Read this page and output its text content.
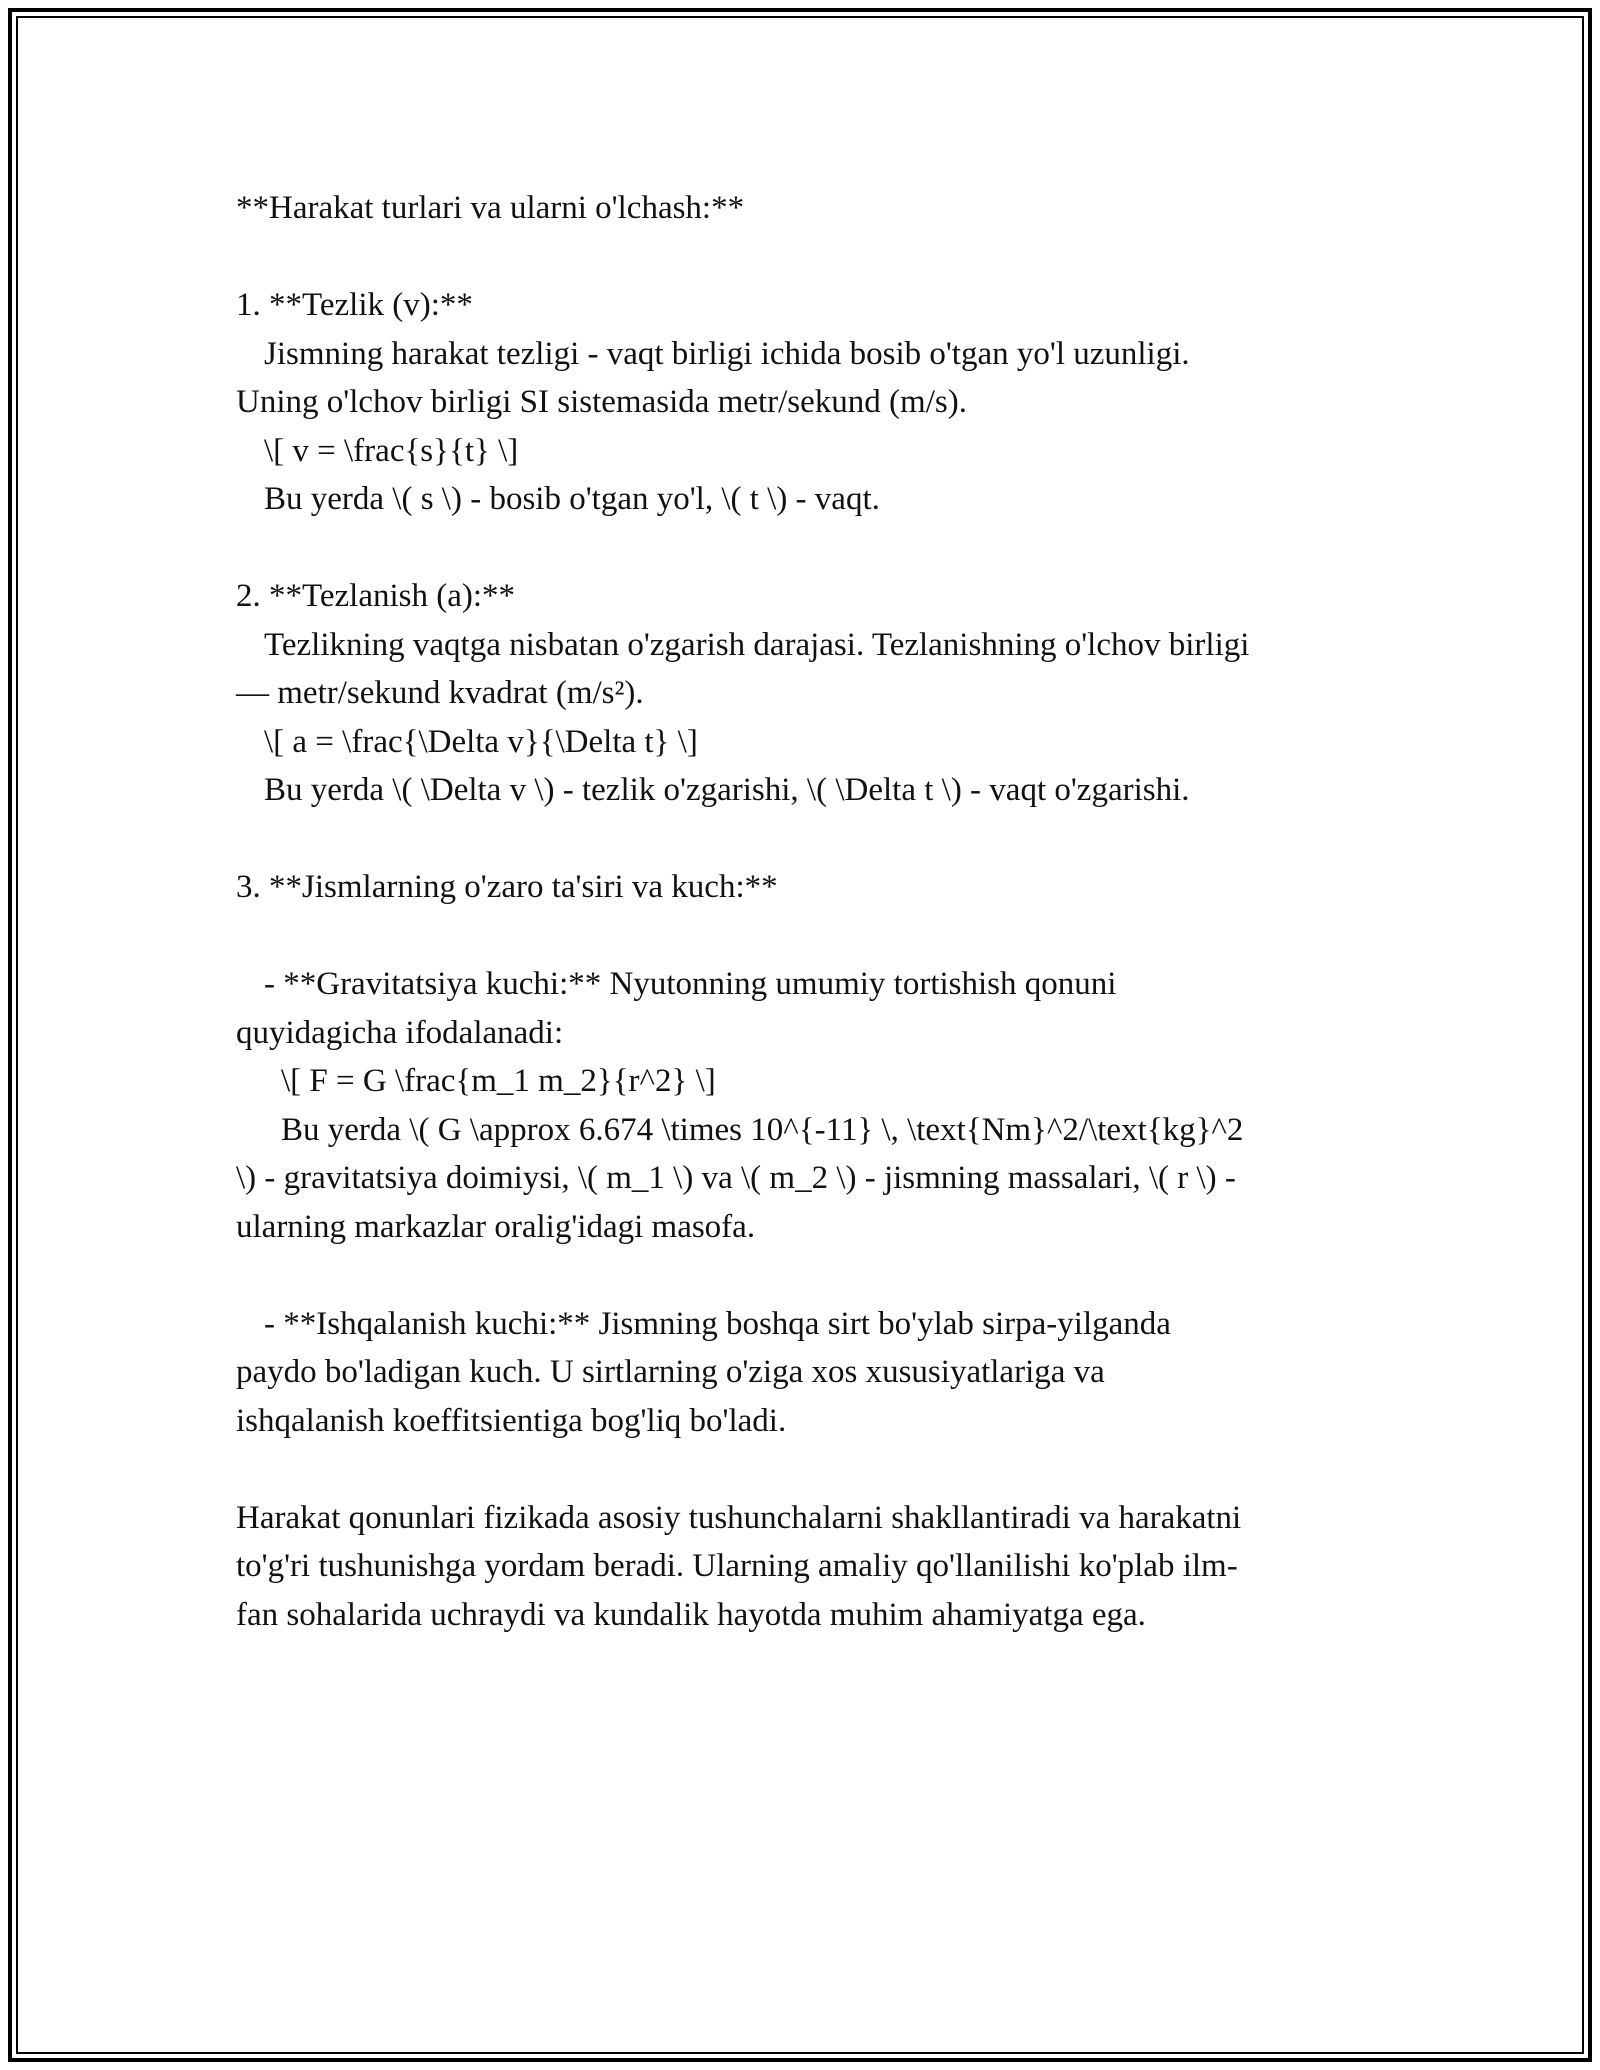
**Harakat turlari va ularni o'lchash:**
1. **Tezlik (v):**
Jismning harakat tezligi - vaqt birligi ichida bosib o'tgan yo'l uzunligi.
Uning o'lchov birligi SI sistemasida metr/sekund (m/s).
\[ v = \frac{s}{t} \]
Bu yerda \( s \) - bosib o'tgan yo'l, \( t \) - vaqt.
2. **Tezlanish (a):**
Tezlikning vaqtga nisbatan o'zgarish darajasi. Tezlanishning o'lchov birligi
— metr/sekund kvadrat (m/s²).
\[ a = \frac{\Delta v}{\Delta t} \]
Bu yerda \( \Delta v \) - tezlik o'zgarishi, \( \Delta t \) - vaqt o'zgarishi.
3. **Jismlarning o'zaro ta'siri va kuch:**
- **Gravitatsiya kuchi:** Nyutonning umumiy tortishish qonuni
quyidagicha ifodalanadi:
\[ F = G \frac{m_1 m_2}{r^2} \]
Bu yerda \( G \approx 6.674 \times 10^{-11} \, \text{Nm}^2/\text{kg}^2
\) - gravitatsiya doimiysi, \( m_1 \) va \( m_2 \) - jismning massalari, \( r \) -
ularning markazlar oralig'idagi masofa.
- **Ishqalanish kuchi:** Jismning boshqa sirt bo'ylab sirpa-yilganda
paydo bo'ladigan kuch. U sirtlarning o'ziga xos xususiyatlariga va
ishqalanish koeffitsientiga bog'liq bo'ladi.
Harakat qonunlari fizikada asosiy tushunchalarni shakllantiradi va harakatni
to'g'ri tushunishga yordam beradi. Ularning amaliy qo'llanilishi ko'plab ilm-
fan sohalarida uchraydi va kundalik hayotda muhim ahamiyatga ega.
